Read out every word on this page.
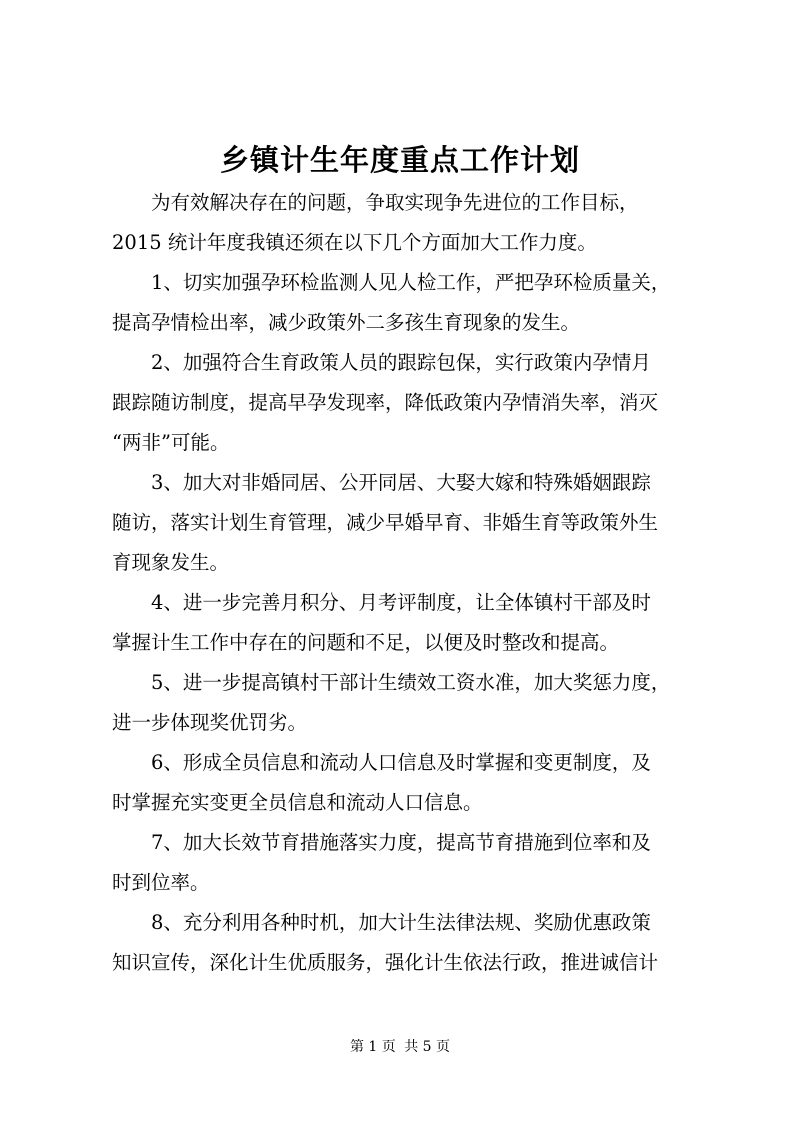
乡镇计生年度重点工作计划

为有效解决存在的问题，争取实现争先进位的工作目标，
2015 统计年度我镇还须在以下几个方面加大工作力度。

1、切实加强孕环检监测人见人检工作，严把孕环检质量关，
提高孕情检出率，减少政策外二多孩生育现象的发生。

2、加强符合生育政策人员的跟踪包保，实行政策内孕情月
跟踪随访制度，提高早孕发现率，降低政策内孕情消失率，消灭
“两非”可能。

3、加大对非婚同居、公开同居、大娶大嫁和特殊婚姻跟踪
随访，落实计划生育管理，减少早婚早育、非婚生育等政策外生
育现象发生。

4、进一步完善月积分、月考评制度，让全体镇村干部及时
掌握计生工作中存在的问题和不足，以便及时整改和提高。

5、进一步提高镇村干部计生绩效工资水准，加大奖惩力度，
进一步体现奖优罚劣。

6、形成全员信息和流动人口信息及时掌握和变更制度，及
时掌握充实变更全员信息和流动人口信息。

7、加大长效节育措施落实力度，提高节育措施到位率和及
时到位率。

8、充分利用各种时机，加大计生法律法规、奖励优惠政策
知识宣传，深化计生优质服务，强化计生依法行政，推进诚信计

第 1 页 共 5 页
